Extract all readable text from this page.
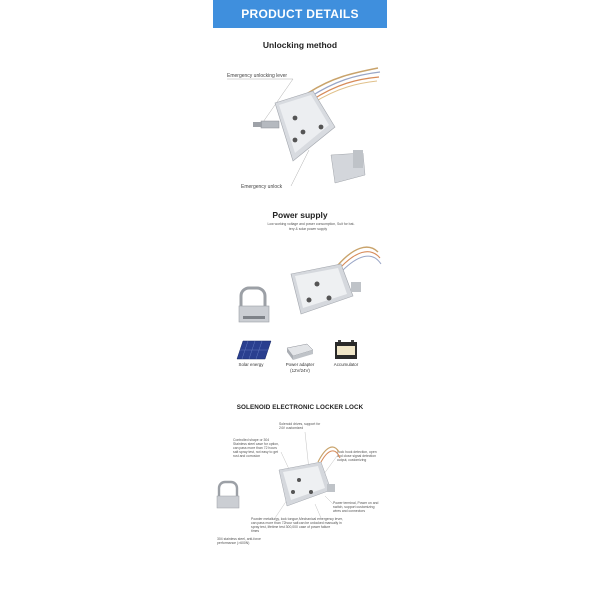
PRODUCT DETAILS
Unlocking method
Emergency unlocking lever
Emergency unlock
Power supply
Low working voltage and power consumption, Suit for bat-
tery & solar power supply
Solar energy	Power adapter
(12V/24V)
Accumulator
SOLENOID ELECTRONIC LOCKER LOCK
Solenoid drives, support for 24V customized
Controlled shape or 304 Stainless steel case for option, can pass more than 72 hours salt spray test, not easy to get rust and corrosion
Lock hook detection, open and close signal detection output, customizing
Power terminal, Power on and switch, support customizing wires and connectors
Powder metallurgy, lock tongue, can pass more than 72hour salt spray test, lifetime test 300,000 times
Mechanical emergency lever, can be unlocked manually in case of power failure
304 stainless steel, anti-force performance (>600N)
